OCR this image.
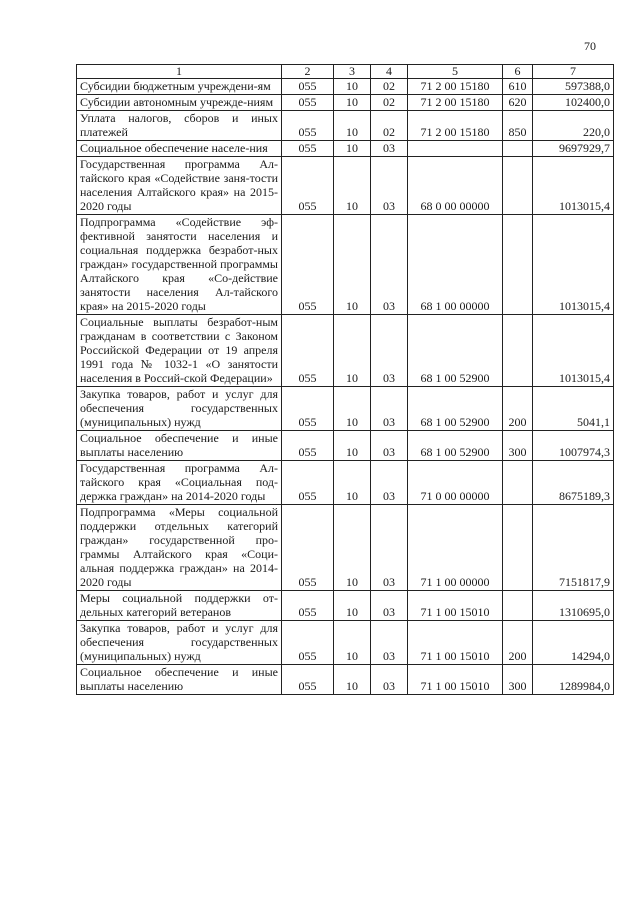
70
1	2	3	4	5	6	7
Субсидии бюджетным учреждени-ям	055	10	02	71 2 00 15180	610	597388,0
Субсидии автономным учрежде-ниям	055	10	02	71 2 00 15180	620	102400,0
Уплата налогов, сборов и иных платежей	055	10	02	71 2 00 15180	850	220,0
Социальное обеспечение населе-ния	055	10	03			9697929,7
Государственная программа Ал-тайского края «Содействие заня-тости населения Алтайского края» на 2015-2020 годы	055	10	03	68 0 00 00000		1013015,4
Подпрограмма «Содействие эф-фективной занятости населения и социальная поддержка безработ-ных граждан» государственной программы Алтайского края «Со-действие занятости населения Ал-тайского края» на 2015-2020 годы	055	10	03	68 1 00 00000		1013015,4
Социальные выплаты безработ-ным гражданам в соответствии с Законом Российской Федерации от 19 апреля 1991 года № 1032-1 «О занятости населения в Россий-ской Федерации»	055	10	03	68 1 00 52900		1013015,4
Закупка товаров, работ и услуг для обеспечения государственных (муниципальных) нужд	055	10	03	68 1 00 52900	200	5041,1
Социальное обеспечение и иные выплаты населению	055	10	03	68 1 00 52900	300	1007974,3
Государственная программа Ал-тайского края «Социальная под-держка граждан» на 2014-2020 годы	055	10	03	71 0 00 00000		8675189,3
Подпрограмма «Меры социальной поддержки отдельных категорий граждан» государственной про-граммы Алтайского края «Соци-альная поддержка граждан» на 2014-2020 годы	055	10	03	71 1 00 00000		7151817,9
Меры социальной поддержки от-дельных категорий ветеранов	055	10	03	71 1 00 15010		1310695,0
Закупка товаров, работ и услуг для обеспечения государственных (муниципальных) нужд	055	10	03	71 1 00 15010	200	14294,0
Социальное обеспечение и иные выплаты населению	055	10	03	71 1 00 15010	300	1289984,0
